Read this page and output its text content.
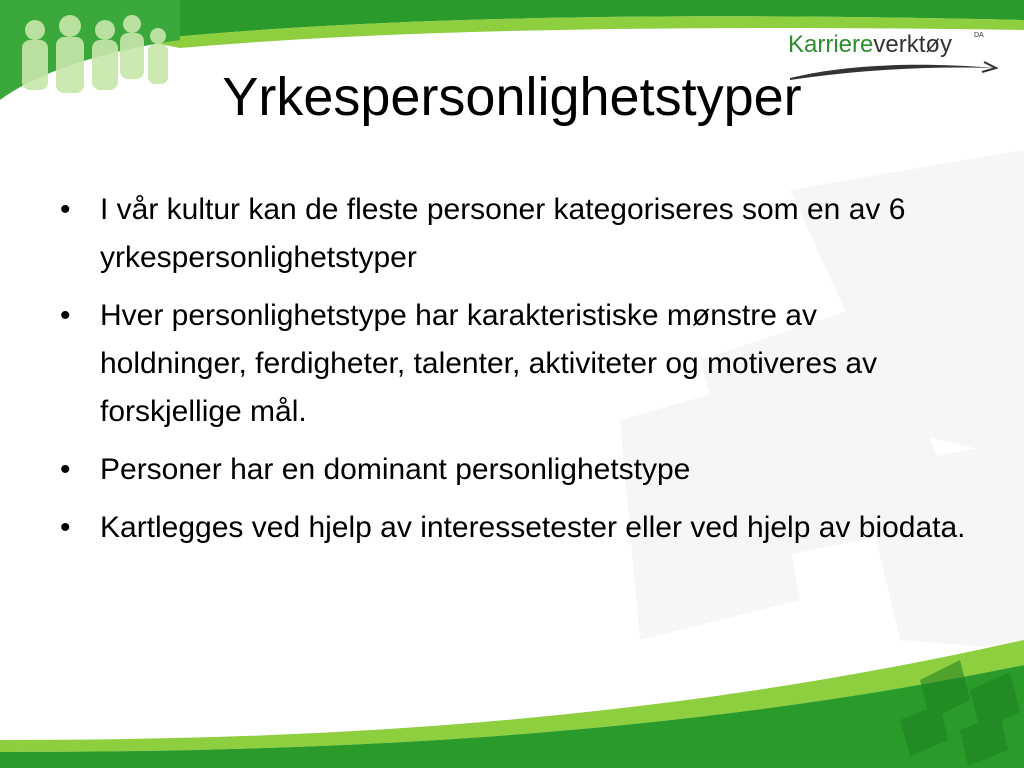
Karriereverktøy	DA
Yrkespersonlighetstyper
• I vår kultur kan de fleste personer kategoriseres som en av 6 yrkespersonlighetstyper
• Hver personlighetstype har karakteristiske mønstre av holdninger, ferdigheter, talenter, aktiviteter og motiveres av forskjellige mål.
• Personer har en dominant personlighetstype
• Kartlegges ved hjelp av interessetester eller ved hjelp av biodata.
